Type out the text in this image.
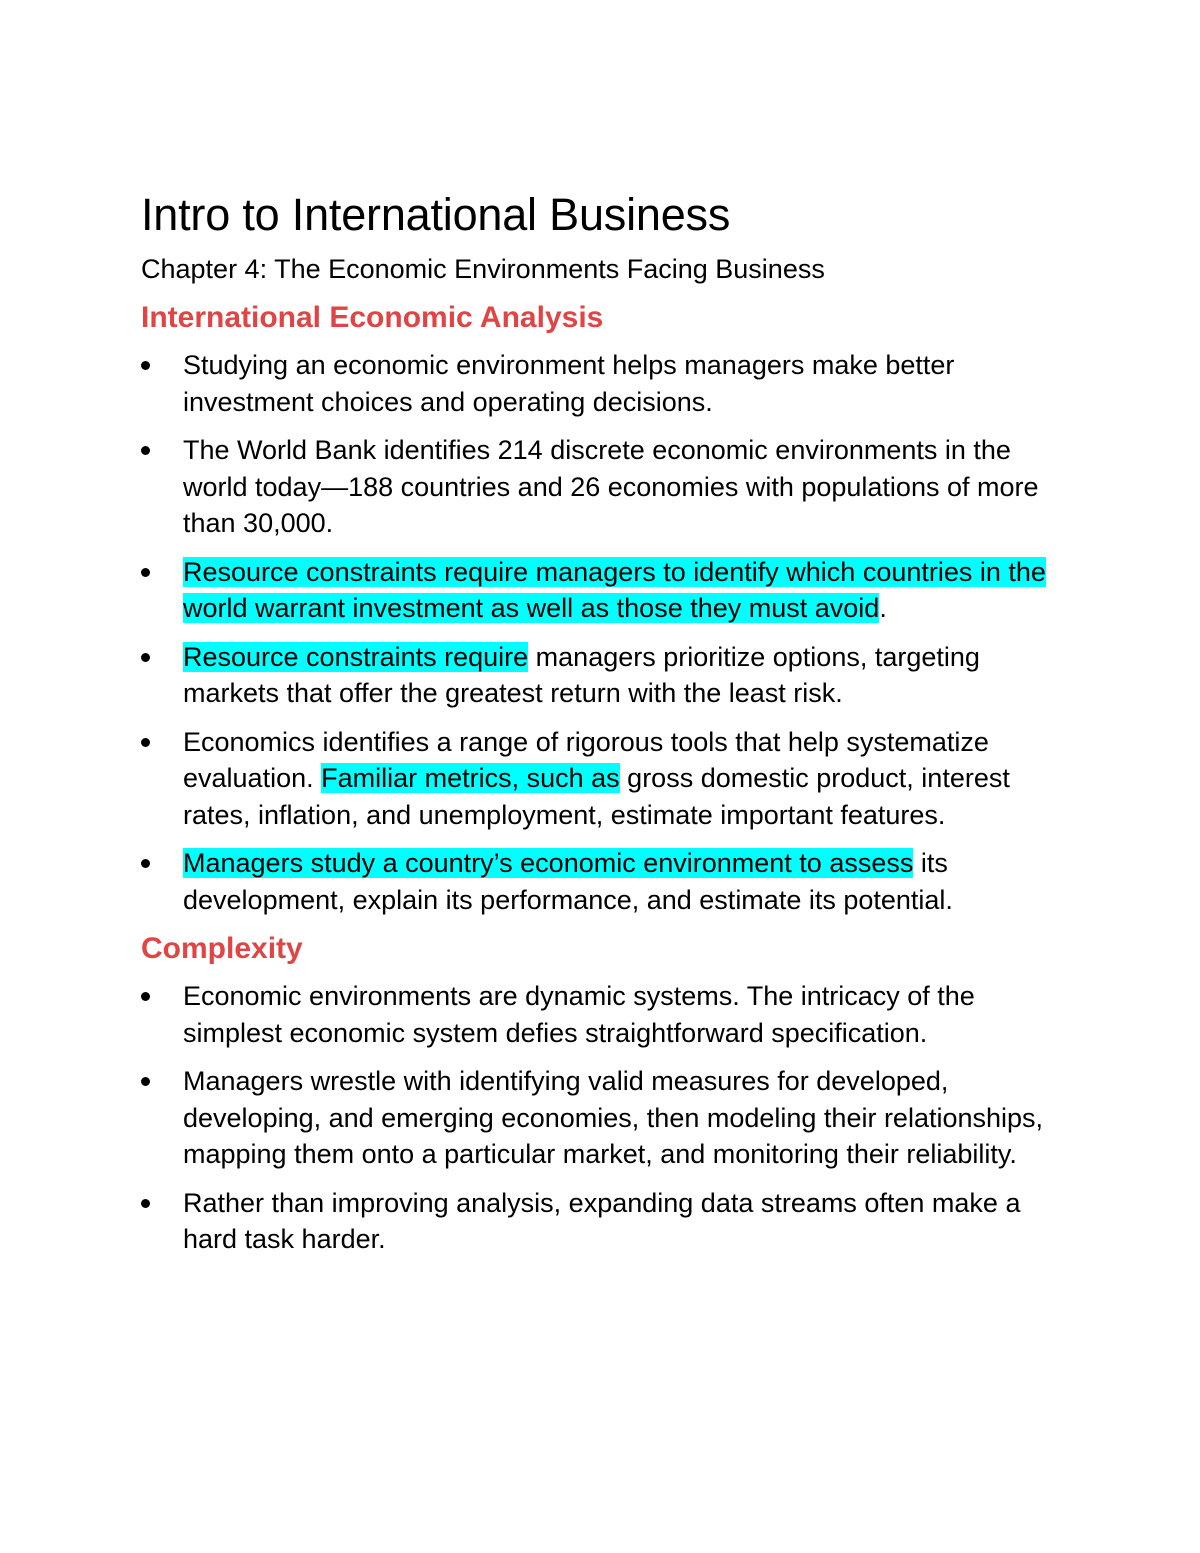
Intro to International Business
Chapter 4: The Economic Environments Facing Business
International Economic Analysis
Studying an economic environment helps managers make better investment choices and operating decisions.
The World Bank identifies 214 discrete economic environments in the world today—188 countries and 26 economies with populations of more than 30,000.
Resource constraints require managers to identify which countries in the world warrant investment as well as those they must avoid.
Resource constraints require managers prioritize options, targeting markets that offer the greatest return with the least risk.
Economics identifies a range of rigorous tools that help systematize evaluation. Familiar metrics, such as gross domestic product, interest rates, inflation, and unemployment, estimate important features.
Managers study a country’s economic environment to assess its development, explain its performance, and estimate its potential.
Complexity
Economic environments are dynamic systems. The intricacy of the simplest economic system defies straightforward specification.
Managers wrestle with identifying valid measures for developed, developing, and emerging economies, then modeling their relationships, mapping them onto a particular market, and monitoring their reliability.
Rather than improving analysis, expanding data streams often make a hard task harder.
